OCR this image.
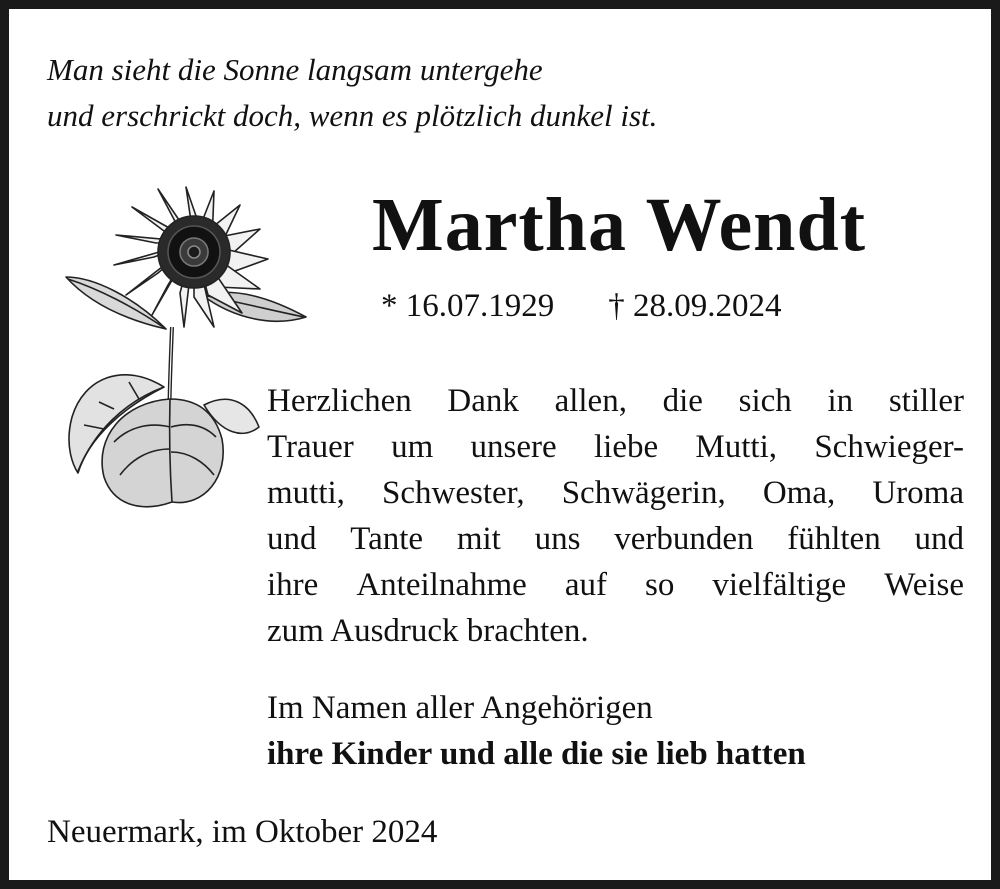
Man sieht die Sonne langsam untergehe
und erschrickt doch, wenn es plötzlich dunkel ist.

Martha Wendt
* 16.07.1929 † 28.09.2024
Herzlichen Dank allen, die sich in stiller
Trauer um unsere liebe Mutti, Schwieger-
mutti, Schwester, Schwägerin, Oma, Uroma
und Tante mit uns verbunden fühlten und
ihre Anteilnahme auf so vielfältige Weise
zum Ausdruck brachten.
Im Namen aller Angehörigen
ihre Kinder und alle die sie lieb hatten
Neuermark, im Oktober 2024
